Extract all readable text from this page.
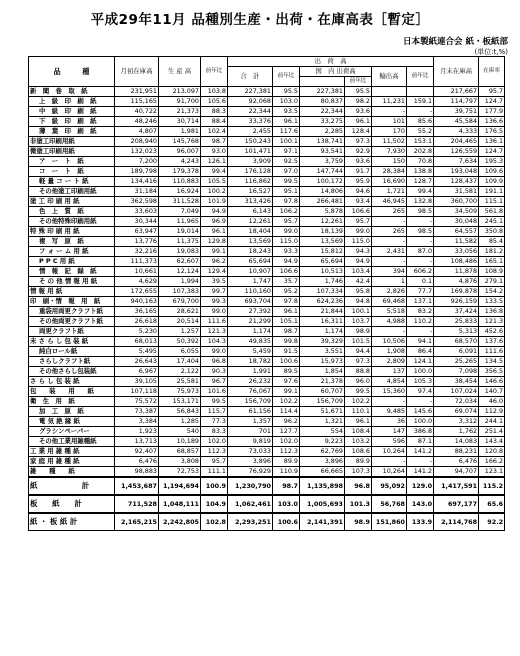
平成29年11月 品種別生産・出荷・在庫高表［暫定］
日本製紙連合会 紙・板紙部
(単位:t,%)
品　　　種	月初在庫高	生 産 高	前年比	出　荷　高						月末在庫高	在庫率
				合　計	前年比	国　内 出荷高		輸出高	前年比		
							前年比				
新　聞　巻　取　紙	231,951	213,097	103.8	227,381	95.5	227,381	95.5			217,667	95.7
上　級　印　刷　紙	115,165	91,700	105.6	92,068	103.0	80,837	98.2	11,231	159.1	114,797	124.7
中　級　印　刷　紙	40,722	21,373	88.3	22,344	93.5	22,344	93.6	-	-	39,751	177.9
下　級　印　刷　紙	48,246	30,714	88.4	33,376	96.1	33,275	96.1	101	85.6	45,584	136.6
薄　葉　印　刷　紙	4,807	1,981	102.4	2,455	117.6	2,285	128.4	170	55.2	4,333	176.5
非塗工印刷用紙	208,940	145,768	98.7	150,243	100.1	138,741	97.3	11,502	153.1	204,465	136.1
微塗工印刷用紙	132,023	96,007	93.0	101,471	97.1	93,541	92.9	7,930	202.8	126,559	124.7
ア　ー　ト　紙	7,200	4,243	126.1	3,909	92.5	3,759	93.6	150	70.8	7,634	195.3
コ　ー　ト　紙	189,798	179,378	99.4	176,128	97.0	147,744	91.7	28,384	138.8	193,048	109.6
軽 量 コ ー ト 紙	134,416	110,883	105.5	116,862	99.5	100,172	95.9	16,690	128.7	128,437	109.9
その他塗工印刷用紙	31,184	16,924	100.2	16,527	95.1	14,806	94.6	1,721	99.4	31,581	191.1
塗 工 印 刷 用 紙	362,598	311,528	101.9	313,426	97.8	266,481	93.4	46,945	132.8	360,700	115.1
色　上　質　紙	33,603	7,049	94.9	6,143	106.2	5,878	106.6	265	98.5	34,509	561.8
その他特殊印刷用紙	30,344	11,965	96.9	12,261	95.7	12,261	95.7	-	-	30,048	245.1
特 殊 印 刷 用 紙	63,947	19,014	96.1	18,404	99.0	18,139	99.0	265	98.5	64,557	350.8
複　写　原　紙	13,776	11,375	129.8	13,569	115.0	13,569	115.0	-	-	11,582	85.4
フ ォ ー ム 用 紙	32,216	19,083	99.1	18,243	93.3	15,812	94.3	2,431	87.0	33,056	181.2
P P C 用 紙	111,373	62,607	96.2	65,694	94.9	65,694	94.9	-	-	108,486	165.1
情　報　記　録　紙	10,661	12,124	129.4	10,907	106.6	10,513	103.4	394	606.2	11,878	108.9
そ の 他 情 報 用 紙	4,629	1,994	39.5	1,747	35.7	1,746	42.4	1	0.1	4,876	279.1
情 報 用 紙	172,655	107,383	99.7	110,160	95.2	107,334	95.8	2,826	77.7	169,878	154.2
印　刷・情　報　用　紙	940,163	679,700	99.3	693,704	97.8	624,236	94.8	69,468	137.1	926,159	133.5
重袋用両更クラフト紙	36,165	28,621	99.0	27,392	96.1	21,844	100.1	5,518	83.2	37,424	136.8
その他両更クラフト紙	26,618	20,514	111.6	21,299	105.1	16,311	103.7	4,988	110.2	25,833	121.3
両更クラフト紙	5,230	1,257	121.3	1,174	98.7	1,174	98.9	-	-	5,313	452.6
未 さ ら し 包 装 紙	68,013	50,392	104.3	49,835	99.8	39,329	101.5	10,506	94.1	68,570	137.6
純白ロール紙	5,495	6,055	99.0	5,459	91.5	3,551	94.4	1,908	86.4	6,091	111.6
さらしクラフト紙	26,643	17,404	96.8	18,782	100.6	15,973	97.3	2,809	124.1	25,265	134.5
その他さらし包装紙	6,967	2,122	90.3	1,991	89.5	1,854	88.8	137	100.0	7,098	356.5
さ ら し 包 装 紙	39,105	25,581	96.7	26,232	97.6	21,378	96.0	4,854	105.3	38,454	146.6
包　　装　　用　　紙	107,118	75,973	101.6	76,067	99.1	60,707	99.5	15,360	97.4	107,024	140.7
衛　生　用　紙	75,572	153,171	99.5	156,709	102.2	156,709	102.2	-	-	72,034	46.0
加　工　原　紙	73,387	56,843	115.7	61,156	114.4	51,671	110.1	9,485	145.6	69,074	112.9
電 気 絶 縁 紙	3,384	1,285	77.3	1,357	96.2	1,321	96.1	36	100.0	3,312	244.1
グラシンペーパー	1,923	540	83.3	701	127.7	554	108.4	147	386.8	1,762	251.4
その他工業用雑種紙	13,713	10,189	102.0	9,819	102.0	9,223	103.2	596	87.1	14,083	143.4
工 業 用 雑 種 紙	92,407	68,857	112.3	73,033	112.3	62,769	108.6	10,264	141.2	88,231	120.8
家 庭 用 雑 種 紙	6,476	3,808	95.7	3,896	89.9	3,896	89.9	-	-	6,476	166.2
雑　　種　　紙	98,883	72,753	111.1	76,929	110.9	66,665	107.3	10,264	141.2	94,707	123.1
紙　　　　　　計	1,453,687	1,194,694	100.9	1,230,790	98.7	1,135,898	96.8	95,092	129.0	1,417,591	115.2
板　　紙　　計	711,528	1,048,111	104.9	1,062,461	103.0	1,005,693	101.3	56,768	143.0	697,177	65.6
紙 ・ 板 紙 計	2,165,215	2,242,805	102.8	2,293,251	100.6	2,141,391	98.9	151,860	133.9	2,114,768	92.2
